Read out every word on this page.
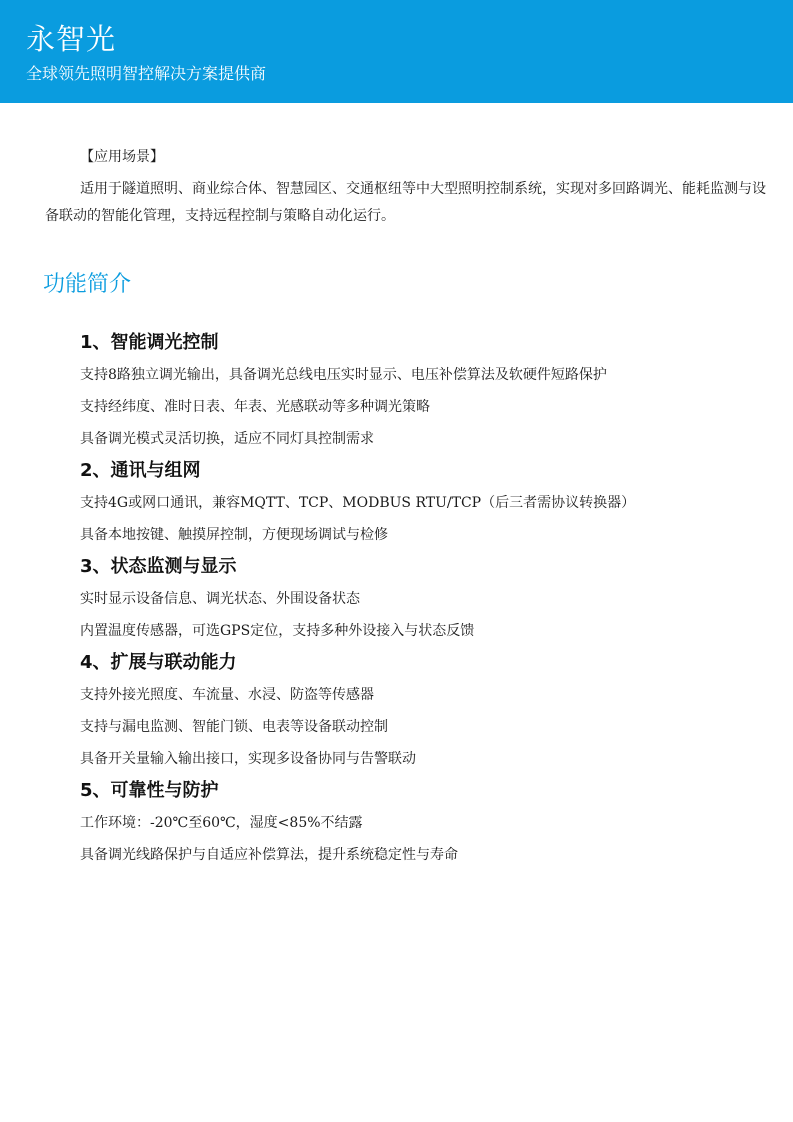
永智光
全球领先照明智控解决方案提供商
【应用场景】
适用于隧道照明、商业综合体、智慧园区、交通枢纽等中大型照明控制系统，实现对多回路调光、能耗监测与设备联动的智能化管理，支持远程控制与策略自动化运行。
功能简介
1、智能调光控制
支持8路独立调光输出，具备调光总线电压实时显示、电压补偿算法及软硬件短路保护
支持经纬度、准时日表、年表、光感联动等多种调光策略
具备调光模式灵活切换，适应不同灯具控制需求
2、通讯与组网
支持4G或网口通讯，兼容MQTT、TCP、MODBUS RTU/TCP（后三者需协议转换器）
具备本地按键、触摸屏控制，方便现场调试与检修
3、状态监测与显示
实时显示设备信息、调光状态、外围设备状态
内置温度传感器，可选GPS定位，支持多种外设接入与状态反馈
4、扩展与联动能力
支持外接光照度、车流量、水浸、防盗等传感器
支持与漏电监测、智能门锁、电表等设备联动控制
具备开关量输入输出接口，实现多设备协同与告警联动
5、可靠性与防护
工作环境：-20℃至60℃，湿度<85%不结露
具备调光线路保护与自适应补偿算法，提升系统稳定性与寿命
